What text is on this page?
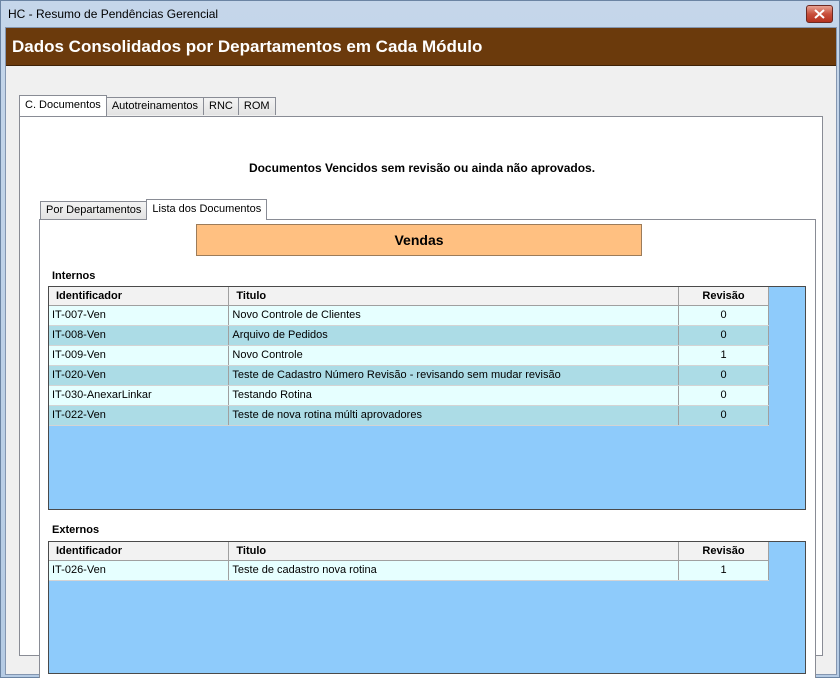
HC - Resumo de Pendências Gerencial
Dados Consolidados por Departamentos em Cada Módulo
C. Documentos	Autotreinamentos	RNC	ROM
Documentos Vencidos sem revisão ou ainda não aprovados.
Por Departamentos	Lista dos Documentos
Vendas
Internos
Identificador	Titulo	Revisão
IT-007-Ven	Novo Controle de Clientes	0
IT-008-Ven	Arquivo de Pedidos	0
IT-009-Ven	Novo Controle	1
IT-020-Ven	Teste de Cadastro Número Revisão - revisando sem mudar revisão	0
IT-030-AnexarLinkar	Testando Rotina	0
IT-022-Ven	Teste de nova rotina múlti aprovadores	0
Externos
Identificador	Titulo	Revisão
IT-026-Ven	Teste de cadastro nova rotina	1
